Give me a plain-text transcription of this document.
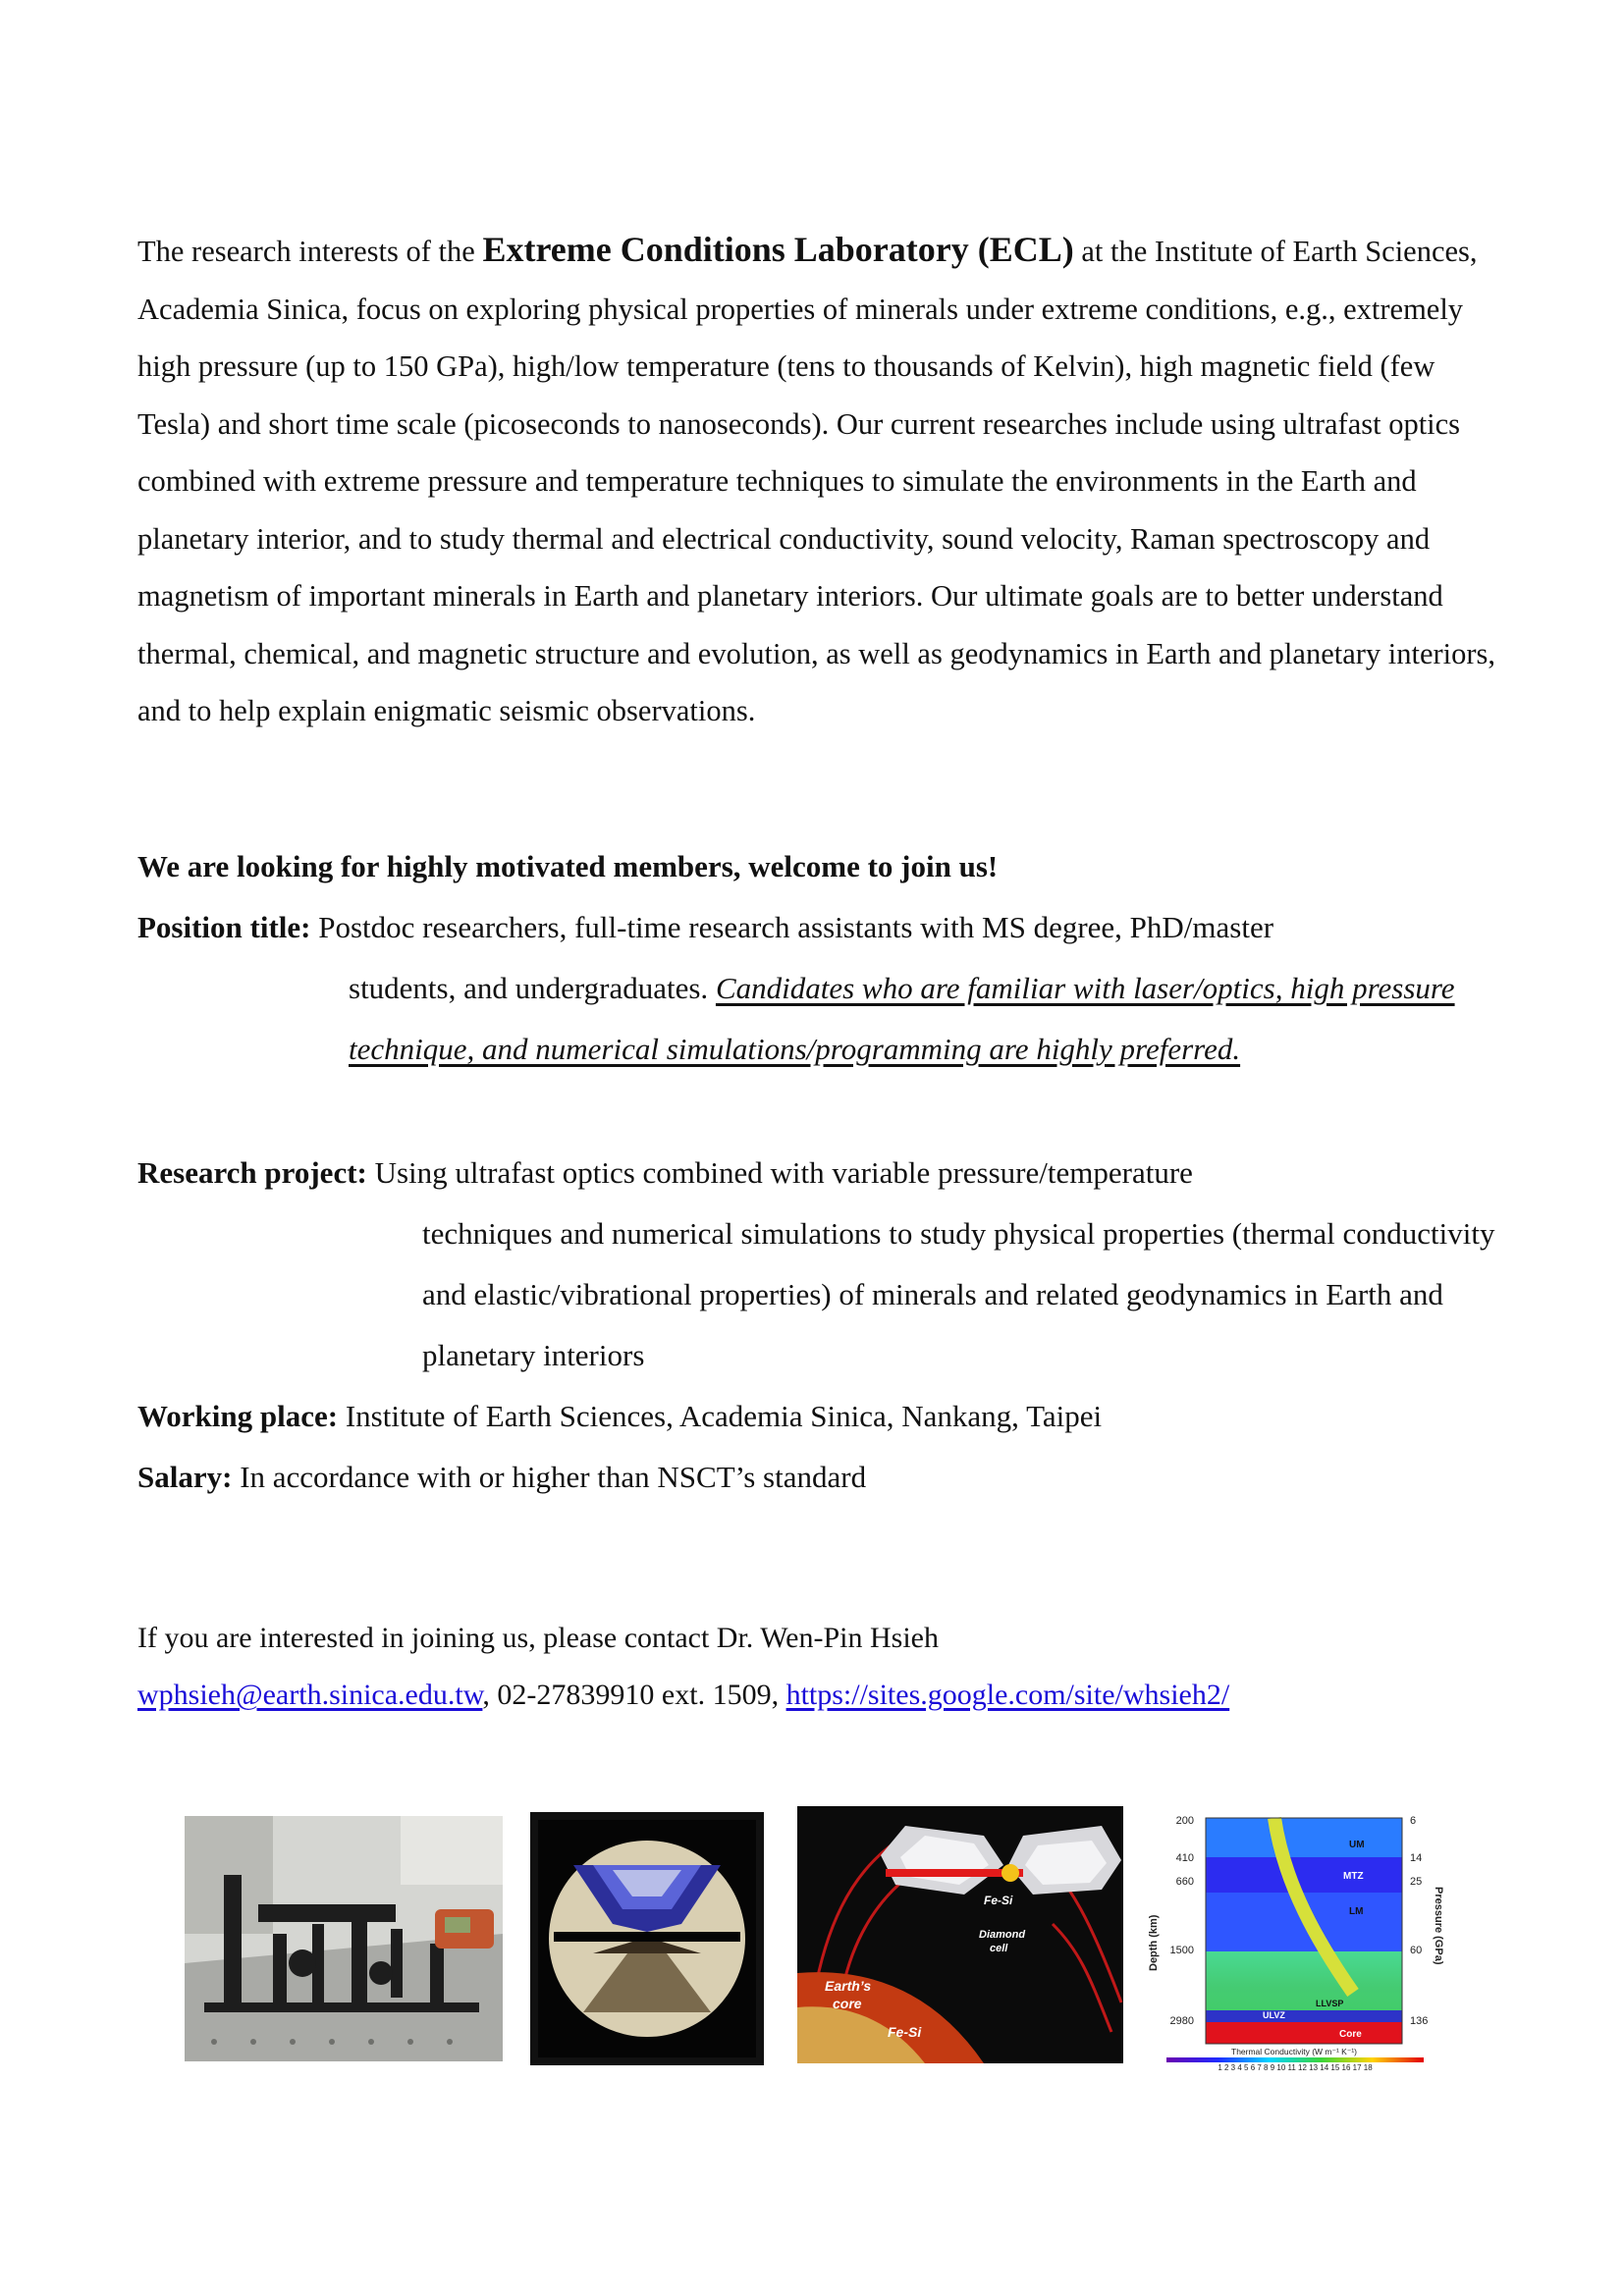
The research interests of the Extreme Conditions Laboratory (ECL) at the Institute of Earth Sciences, Academia Sinica, focus on exploring physical properties of minerals under extreme conditions, e.g., extremely high pressure (up to 150 GPa), high/low temperature (tens to thousands of Kelvin), high magnetic field (few Tesla) and short time scale (picoseconds to nanoseconds). Our current researches include using ultrafast optics combined with extreme pressure and temperature techniques to simulate the environments in the Earth and planetary interior, and to study thermal and electrical conductivity, sound velocity, Raman spectroscopy and magnetism of important minerals in Earth and planetary interiors. Our ultimate goals are to better understand thermal, chemical, and magnetic structure and evolution, as well as geodynamics in Earth and planetary interiors, and to help explain enigmatic seismic observations.

We are looking for highly motivated members, welcome to join us!
Position title: Postdoc researchers, full-time research assistants with MS degree, PhD/master
students, and undergraduates. Candidates who are familiar with laser/optics, high pressure technique, and numerical simulations/programming are highly preferred.
Research project: Using ultrafast optics combined with variable pressure/temperature
techniques and numerical simulations to study physical properties (thermal conductivity and elastic/vibrational properties) of minerals and related geodynamics in Earth and planetary interiors
Working place: Institute of Earth Sciences, Academia Sinica, Nankang, Taipei
Salary: In accordance with or higher than NSCT’s standard
If you are interested in joining us, please contact Dr. Wen-Pin Hsieh
wphsieh@earth.sinica.edu.tw, 02-27839910 ext. 1509, https://sites.google.com/site/whsieh2/
Fe-Si
Diamond
cell
Earth’s
core
Fe-Si
Depth (km)	Pressure (GPa)
200
410
660
1500
2980
6
14
25
60
136
UM
MTZ
LM
ULVZ
LLVSP
Core
Thermal Conductivity (W m⁻¹ K⁻¹)
1 2 3 4 5 6 7 8 9 10 11 12 13 14 15 16 17 18
